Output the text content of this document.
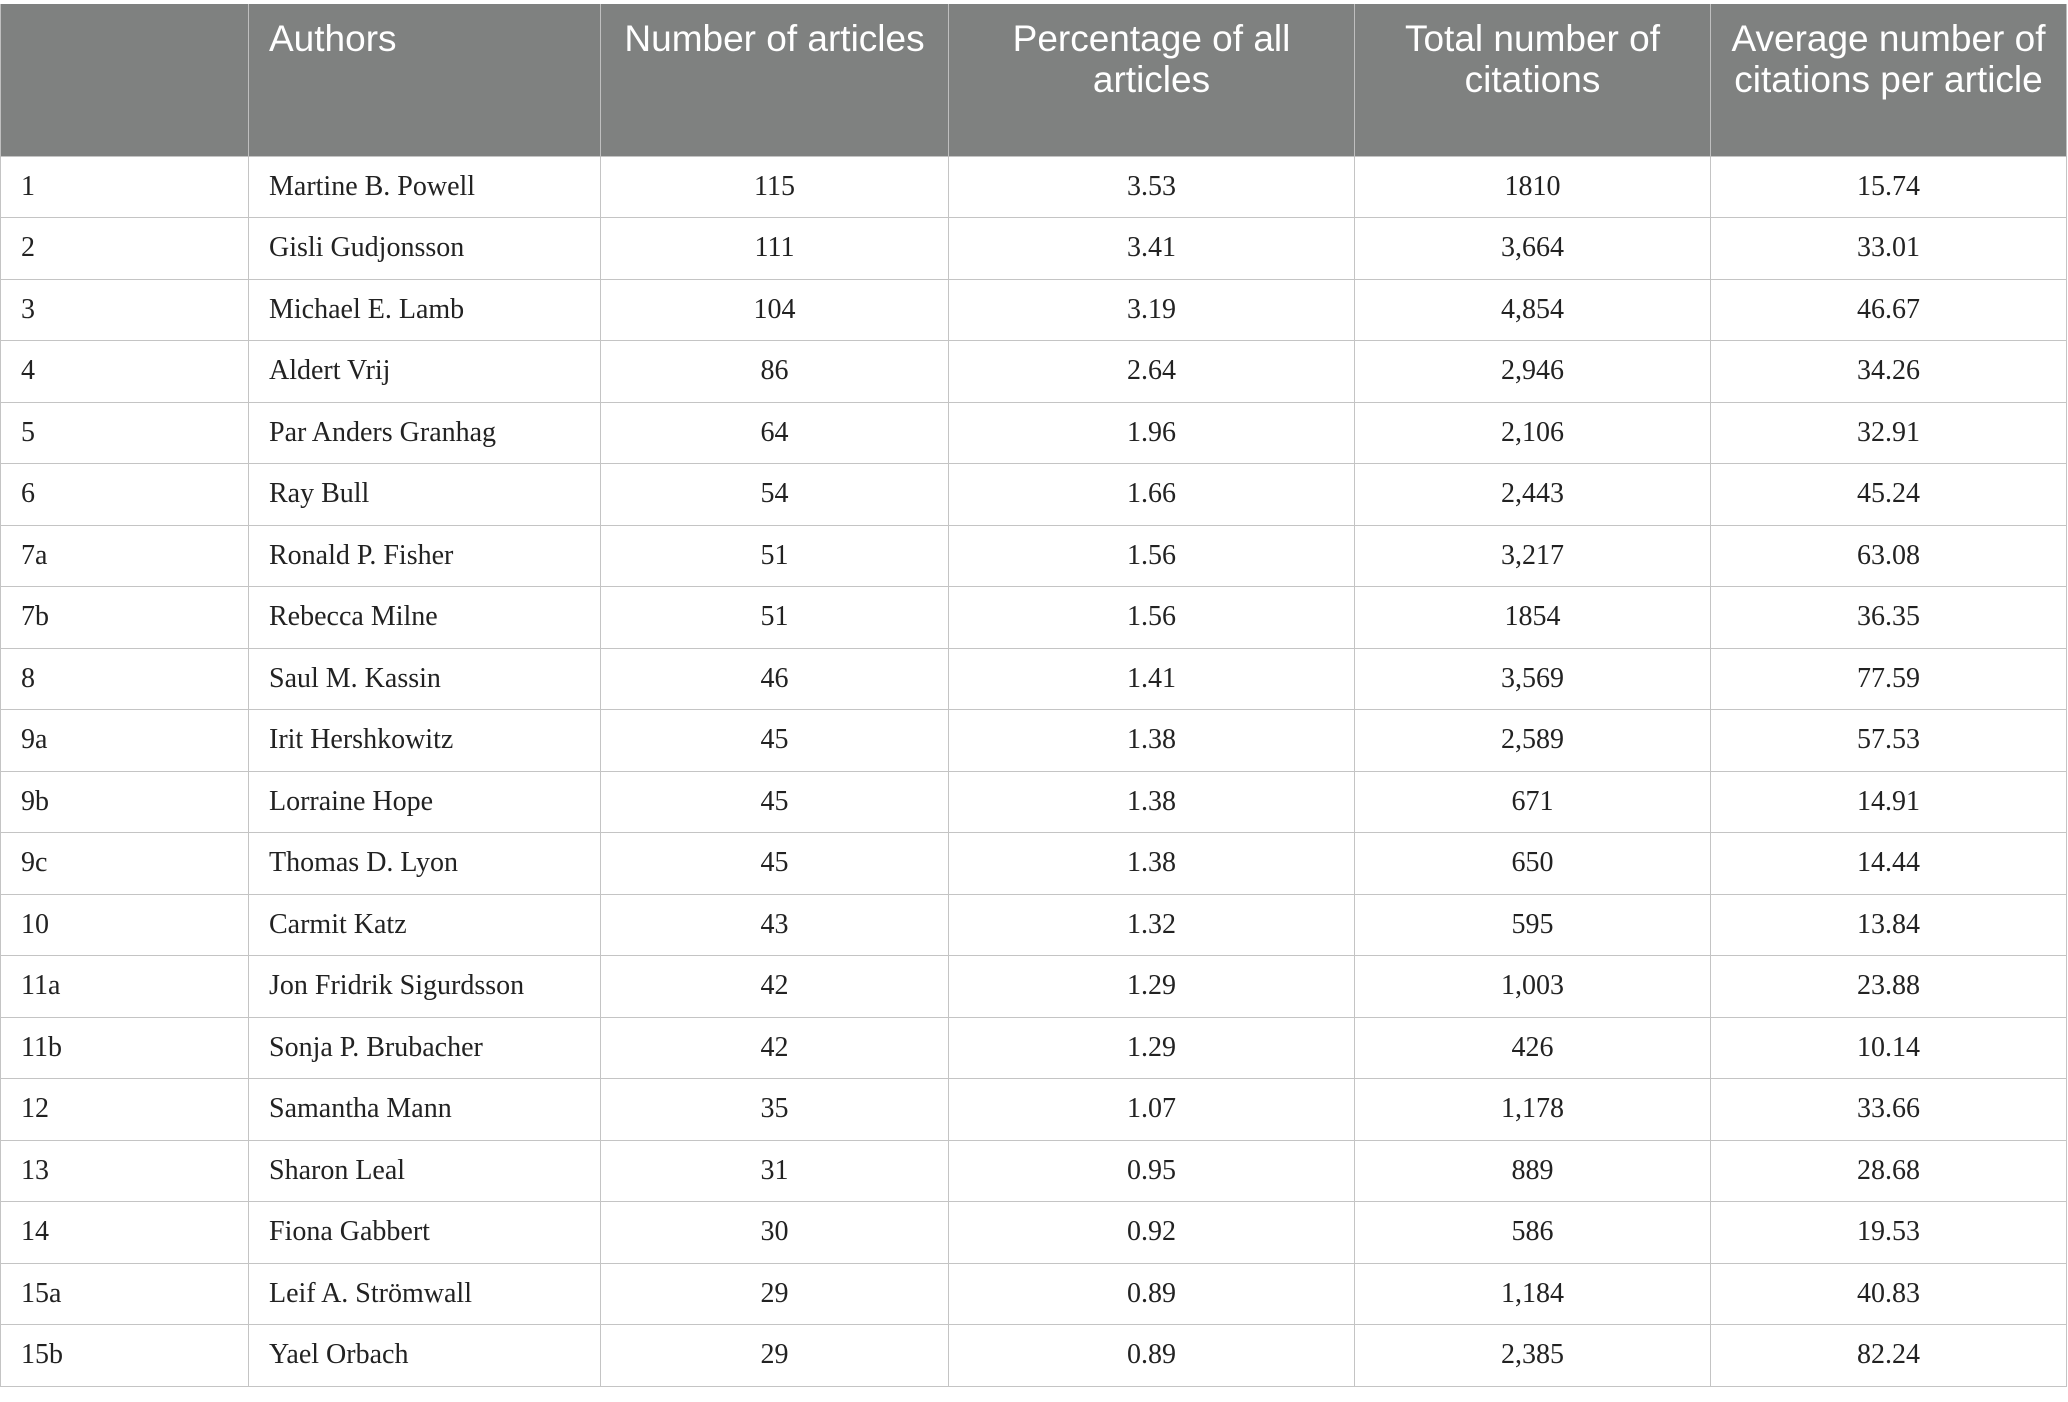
	Authors	Number of articles	Percentage of all articles	Total number of citations	Average number of citations per article
1	Martine B. Powell	115	3.53	1810	15.74
2	Gisli Gudjonsson	111	3.41	3,664	33.01
3	Michael E. Lamb	104	3.19	4,854	46.67
4	Aldert Vrij	86	2.64	2,946	34.26
5	Par Anders Granhag	64	1.96	2,106	32.91
6	Ray Bull	54	1.66	2,443	45.24
7a	Ronald P. Fisher	51	1.56	3,217	63.08
7b	Rebecca Milne	51	1.56	1854	36.35
8	Saul M. Kassin	46	1.41	3,569	77.59
9a	Irit Hershkowitz	45	1.38	2,589	57.53
9b	Lorraine Hope	45	1.38	671	14.91
9c	Thomas D. Lyon	45	1.38	650	14.44
10	Carmit Katz	43	1.32	595	13.84
11a	Jon Fridrik Sigurdsson	42	1.29	1,003	23.88
11b	Sonja P. Brubacher	42	1.29	426	10.14
12	Samantha Mann	35	1.07	1,178	33.66
13	Sharon Leal	31	0.95	889	28.68
14	Fiona Gabbert	30	0.92	586	19.53
15a	Leif A. Strömwall	29	0.89	1,184	40.83
15b	Yael Orbach	29	0.89	2,385	82.24
